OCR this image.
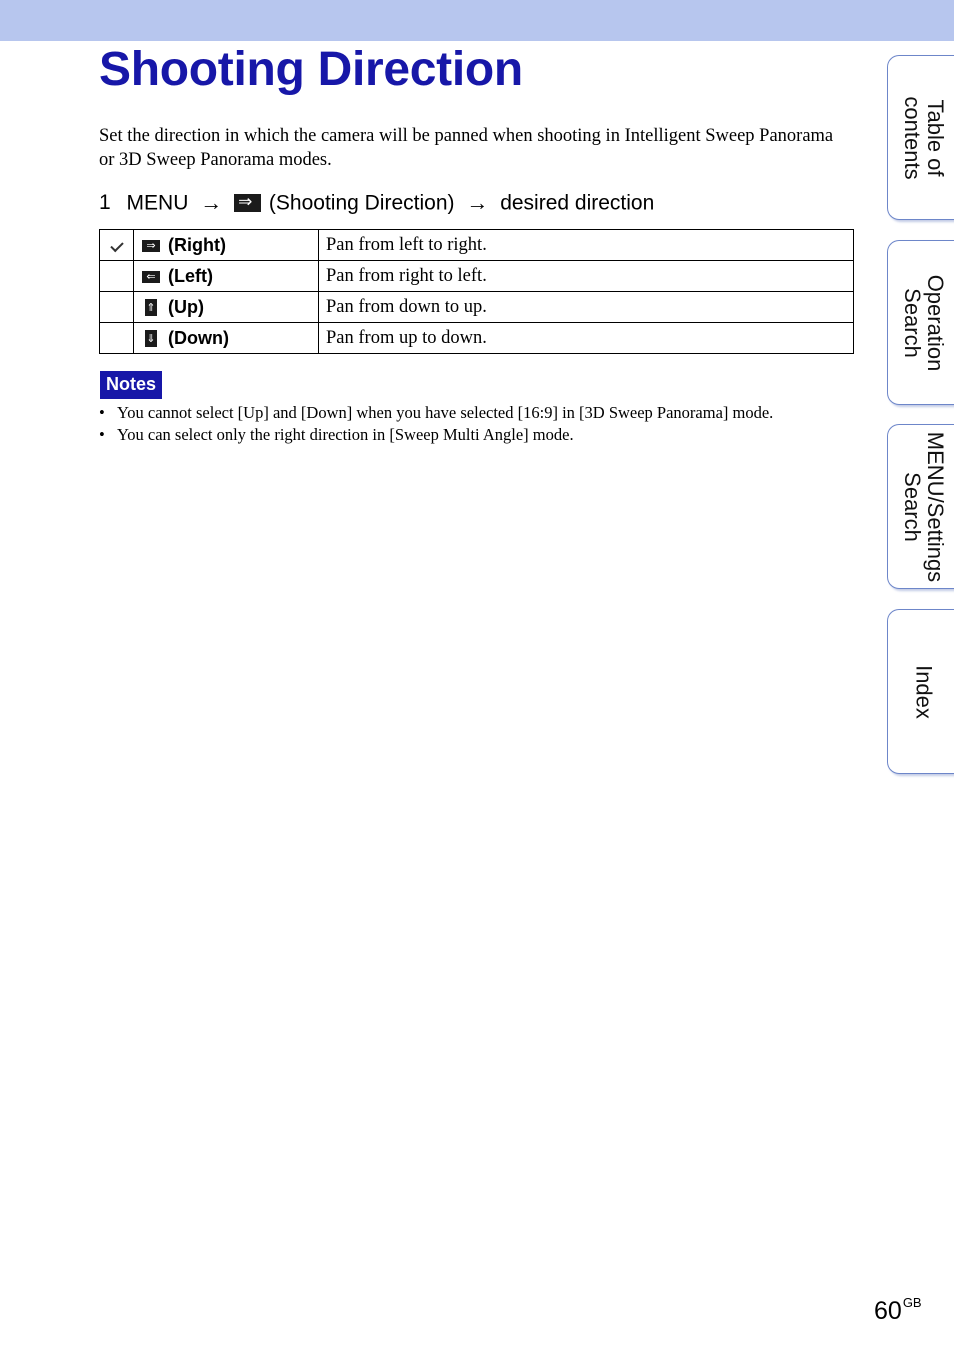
Shooting Direction

Set the direction in which the camera will be panned when shooting in Intelligent Sweep Panorama or 3D Sweep Panorama modes.

1 MENU → ⇒ (Shooting Direction) → desired direction
	⇒ (Right)	Pan from left to right.
	⇐ (Left)	Pan from right to left.
	⇑ (Up)	Pan from down to up.
	⇓ (Down)	Pan from up to down.
Notes
• You cannot select [Up] and [Down] when you have selected [16:9] in [3D Sweep Panorama] mode.
• You can select only the right direction in [Sweep Multi Angle] mode.
Table of contents
Operation Search
MENU/Settings Search
Index
$60^{GB}$
